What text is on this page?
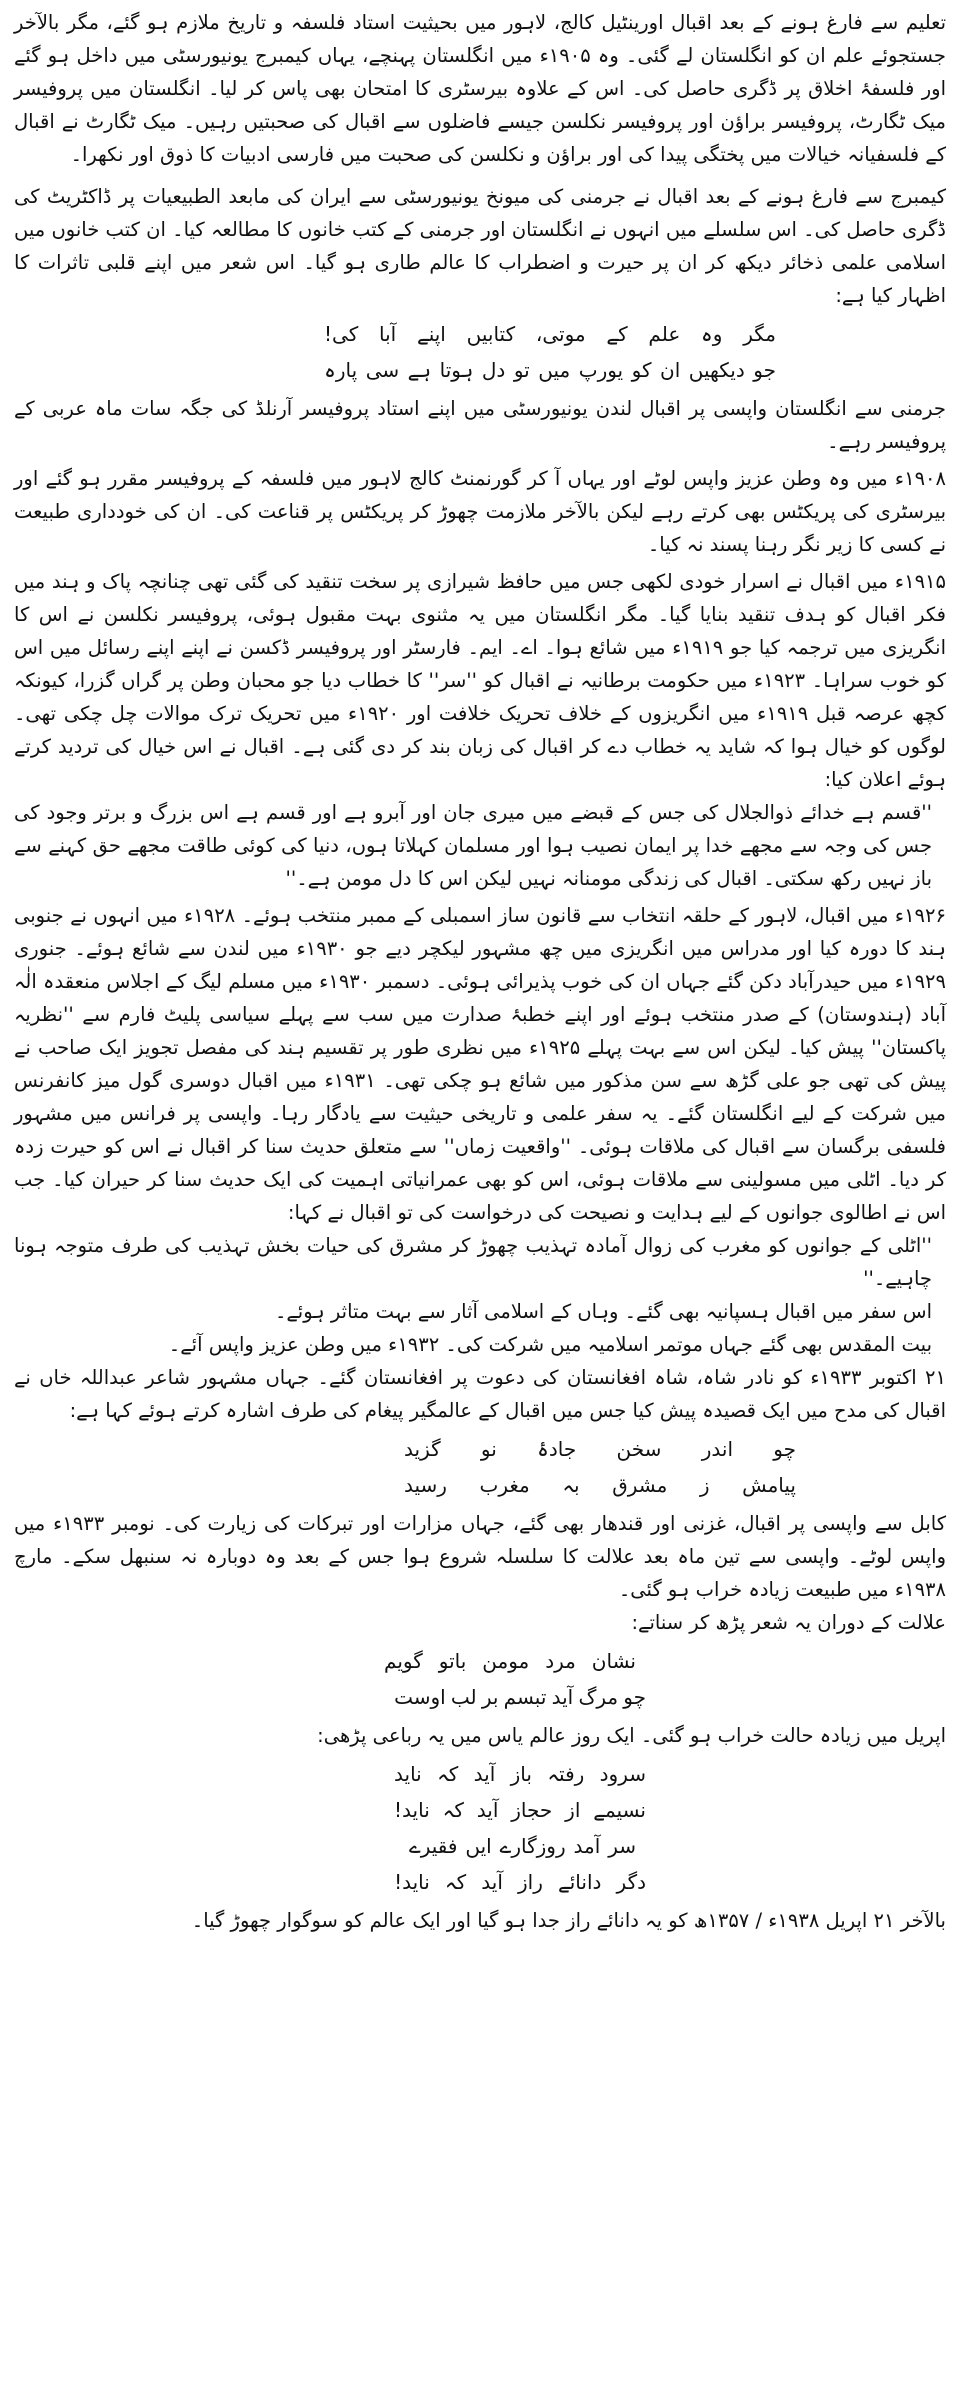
تعلیم سے فارغ ہونے کے بعد اقبال اورینٹیل کالج، لاہور میں بحیثیت استاد فلسفہ و تاریخ ملازم ہو گئے، مگر بالآخر جستجوئے علم ان کو انگلستان لے گئی۔ وہ ۱۹۰۵ء میں انگلستان پہنچے، یہاں کیمبرج یونیورسٹی میں داخل ہو گئے اور فلسفۂ اخلاق پر ڈگری حاصل کی۔ اس کے علاوہ بیرسٹری کا امتحان بھی پاس کر لیا۔ انگلستان میں پروفیسر میک ٹگارٹ، پروفیسر براؤن اور پروفیسر نکلسن جیسے فاضلوں سے اقبال کی صحبتیں رہیں۔ میک ٹگارٹ نے اقبال کے فلسفیانہ خیالات میں پختگی پیدا کی اور براؤن و نکلسن کی صحبت میں فارسی ادبیات کا ذوق اور نکھرا۔

کیمبرج سے فارغ ہونے کے بعد اقبال نے جرمنی کی میونخ یونیورسٹی سے ایران کی مابعد الطبیعیات پر ڈاکٹریٹ کی ڈگری حاصل کی۔ اس سلسلے میں انہوں نے انگلستان اور جرمنی کے کتب خانوں کا مطالعہ کیا۔ ان کتب خانوں میں اسلامی علمی ذخائر دیکھ کر ان پر حیرت و اضطراب کا عالم طاری ہو گیا۔ اس شعر میں اپنے قلبی تاثرات کا اظہار کیا ہے:

مگر
وہ
علم
کے
موتی،
کتابیں
اپنے
آبا
کی!
جو
دیکھیں
ان
کو
یورپ
میں
تو
دل
ہوتا
ہے
سی
پارہ

جرمنی سے انگلستان واپسی پر اقبال لندن یونیورسٹی میں اپنے استاد پروفیسر آرنلڈ کی جگہ سات ماہ عربی کے پروفیسر رہے۔

۱۹۰۸ء میں وہ وطن عزیز واپس لوٹے اور یہاں آ کر گورنمنٹ کالج لاہور میں فلسفہ کے پروفیسر مقرر ہو گئے اور بیرسٹری کی پریکٹس بھی کرتے رہے لیکن بالآخر ملازمت چھوڑ کر پریکٹس پر قناعت کی۔ ان کی خودداری طبیعت نے کسی کا زیر نگر رہنا پسند نہ کیا۔

۱۹۱۵ء میں اقبال نے اسرار خودی لکھی جس میں حافظ شیرازی پر سخت تنقید کی گئی تھی چنانچہ پاک و ہند میں فکر اقبال کو ہدف تنقید بنایا گیا۔ مگر انگلستان میں یہ مثنوی بہت مقبول ہوئی، پروفیسر نکلسن نے اس کا انگریزی میں ترجمہ کیا جو ۱۹۱۹ء میں شائع ہوا۔ اے۔ ایم۔ فارسٹر اور پروفیسر ڈکسن نے اپنے اپنے رسائل میں اس کو خوب سراہا۔ ۱۹۲۳ء میں حکومت برطانیہ نے اقبال کو ''سر'' کا خطاب دیا جو محبان وطن پر گراں گزرا، کیونکہ کچھ عرصہ قبل ۱۹۱۹ء میں انگریزوں کے خلاف تحریک خلافت اور ۱۹۲۰ء میں تحریک ترک موالات چل چکی تھی۔ لوگوں کو خیال ہوا کہ شاید یہ خطاب دے کر اقبال کی زبان بند کر دی گئی ہے۔ اقبال نے اس خیال کی تردید کرتے ہوئے اعلان کیا:

''قسم ہے خدائے ذوالجلال کی جس کے قبضے میں میری جان اور آبرو ہے اور قسم ہے اس بزرگ و برتر وجود کی جس کی وجہ سے مجھے خدا پر ایمان نصیب ہوا اور مسلمان کہلاتا ہوں، دنیا کی کوئی طاقت مجھے حق کہنے سے باز نہیں رکھ سکتی۔ اقبال کی زندگی مومنانہ نہیں لیکن اس کا دل مومن ہے۔''

۱۹۲۶ء میں اقبال، لاہور کے حلقہ انتخاب سے قانون ساز اسمبلی کے ممبر منتخب ہوئے۔ ۱۹۲۸ء میں انہوں نے جنوبی ہند کا دورہ کیا اور مدراس میں انگریزی میں چھ مشہور لیکچر دیے جو ۱۹۳۰ء میں لندن سے شائع ہوئے۔ جنوری ۱۹۲۹ء میں حیدرآباد دکن گئے جہاں ان کی خوب پذیرائی ہوئی۔ دسمبر ۱۹۳۰ء میں مسلم لیگ کے اجلاس منعقدہ الٰہ آباد (ہندوستان) کے صدر منتخب ہوئے اور اپنے خطبۂ صدارت میں سب سے پہلے سیاسی پلیٹ فارم سے ''نظریہ پاکستان'' پیش کیا۔ لیکن اس سے بہت پہلے ۱۹۲۵ء میں نظری طور پر تقسیم ہند کی مفصل تجویز ایک صاحب نے پیش کی تھی جو علی گڑھ سے سن مذکور میں شائع ہو چکی تھی۔ ۱۹۳۱ء میں اقبال دوسری گول میز کانفرنس میں شرکت کے لیے انگلستان گئے۔ یہ سفر علمی و تاریخی حیثیت سے یادگار رہا۔ واپسی پر فرانس میں مشہور فلسفی برگسان سے اقبال کی ملاقات ہوئی۔ ''واقعیت زماں'' سے متعلق حدیث سنا کر اقبال نے اس کو حیرت زدہ کر دیا۔ اٹلی میں مسولینی سے ملاقات ہوئی، اس کو بھی عمرانیاتی اہمیت کی ایک حدیث سنا کر حیران کیا۔ جب اس نے اطالوی جوانوں کے لیے ہدایت و نصیحت کی درخواست کی تو اقبال نے کہا:

''اٹلی کے جوانوں کو مغرب کی زوال آمادہ تہذیب چھوڑ کر مشرق کی حیات بخش تہذیب کی طرف متوجہ ہونا چاہیے۔''

اس سفر میں اقبال ہسپانیہ بھی گئے۔ وہاں کے اسلامی آثار سے بہت متاثر ہوئے۔

بیت المقدس بھی گئے جہاں موتمر اسلامیہ میں شرکت کی۔ ۱۹۳۲ء میں وطن عزیز واپس آئے۔

۲۱ اکتوبر ۱۹۳۳ء کو نادر شاہ، شاہ افغانستان کی دعوت پر افغانستان گئے۔ جہاں مشہور شاعر عبداللہ خاں نے اقبال کی مدح میں ایک قصیدہ پیش کیا جس میں اقبال کے عالمگیر پیغام کی طرف اشارہ کرتے ہوئے کہا ہے:

چو
اندر
سخن
جادۂ
نو
گزید
پیامش
ز
مشرق
بہ
مغرب
رسید

کابل سے واپسی پر اقبال، غزنی اور قندھار بھی گئے، جہاں مزارات اور تبرکات کی زیارت کی۔ نومبر ۱۹۳۳ء میں واپس لوٹے۔ واپسی سے تین ماہ بعد علالت کا سلسلہ شروع ہوا جس کے بعد وہ دوبارہ نہ سنبھل سکے۔ مارچ ۱۹۳۸ء میں طبیعت زیادہ خراب ہو گئی۔

علالت کے دوران یہ شعر پڑھ کر سناتے:

نشان
مرد
مومن
باتو
گویم
چو
مرگ
آید
تبسم
بر
لب
اوست

اپریل میں زیادہ حالت خراب ہو گئی۔ ایک روز عالم یاس میں یہ رباعی پڑھی:

سرود
رفتہ
باز
آید
کہ
ناید
نسیمے
از
حجاز
آید
کہ
ناید!
سر
آمد
روزگارے
ایں
فقیرے
دگر
دانائے
راز
آید
کہ
ناید!

بالآخر ۲۱ اپریل ۱۹۳۸ء / ۱۳۵۷ھ کو یہ دانائے راز جدا ہو گیا اور ایک عالم کو سوگوار چھوڑ گیا۔
